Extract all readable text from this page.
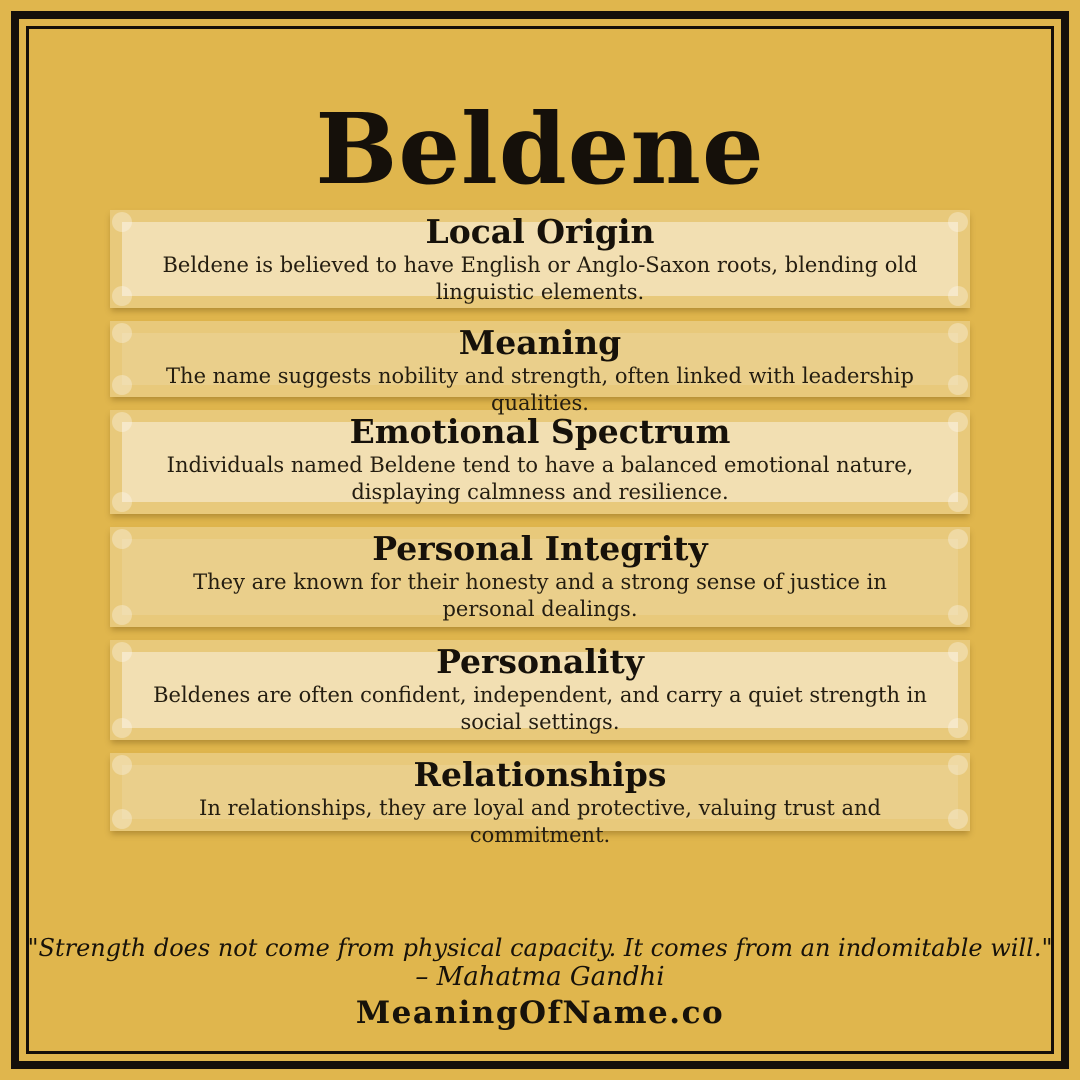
Beldene
Local Origin

Beldene is believed to have English or Anglo-Saxon roots, blending old linguistic elements.

Meaning

The name suggests nobility and strength, often linked with leadership qualities.

Emotional Spectrum

Individuals named Beldene tend to have a balanced emotional nature, displaying calmness and resilience.

Personal Integrity

They are known for their honesty and a strong sense of justice in personal dealings.

Personality

Beldenes are often confident, independent, and carry a quiet strength in social settings.

Relationships

In relationships, they are loyal and protective, valuing trust and commitment.

"Strength does not come from physical capacity. It comes from an indomitable will."
– Mahatma Gandhi
MeaningOfName.co
